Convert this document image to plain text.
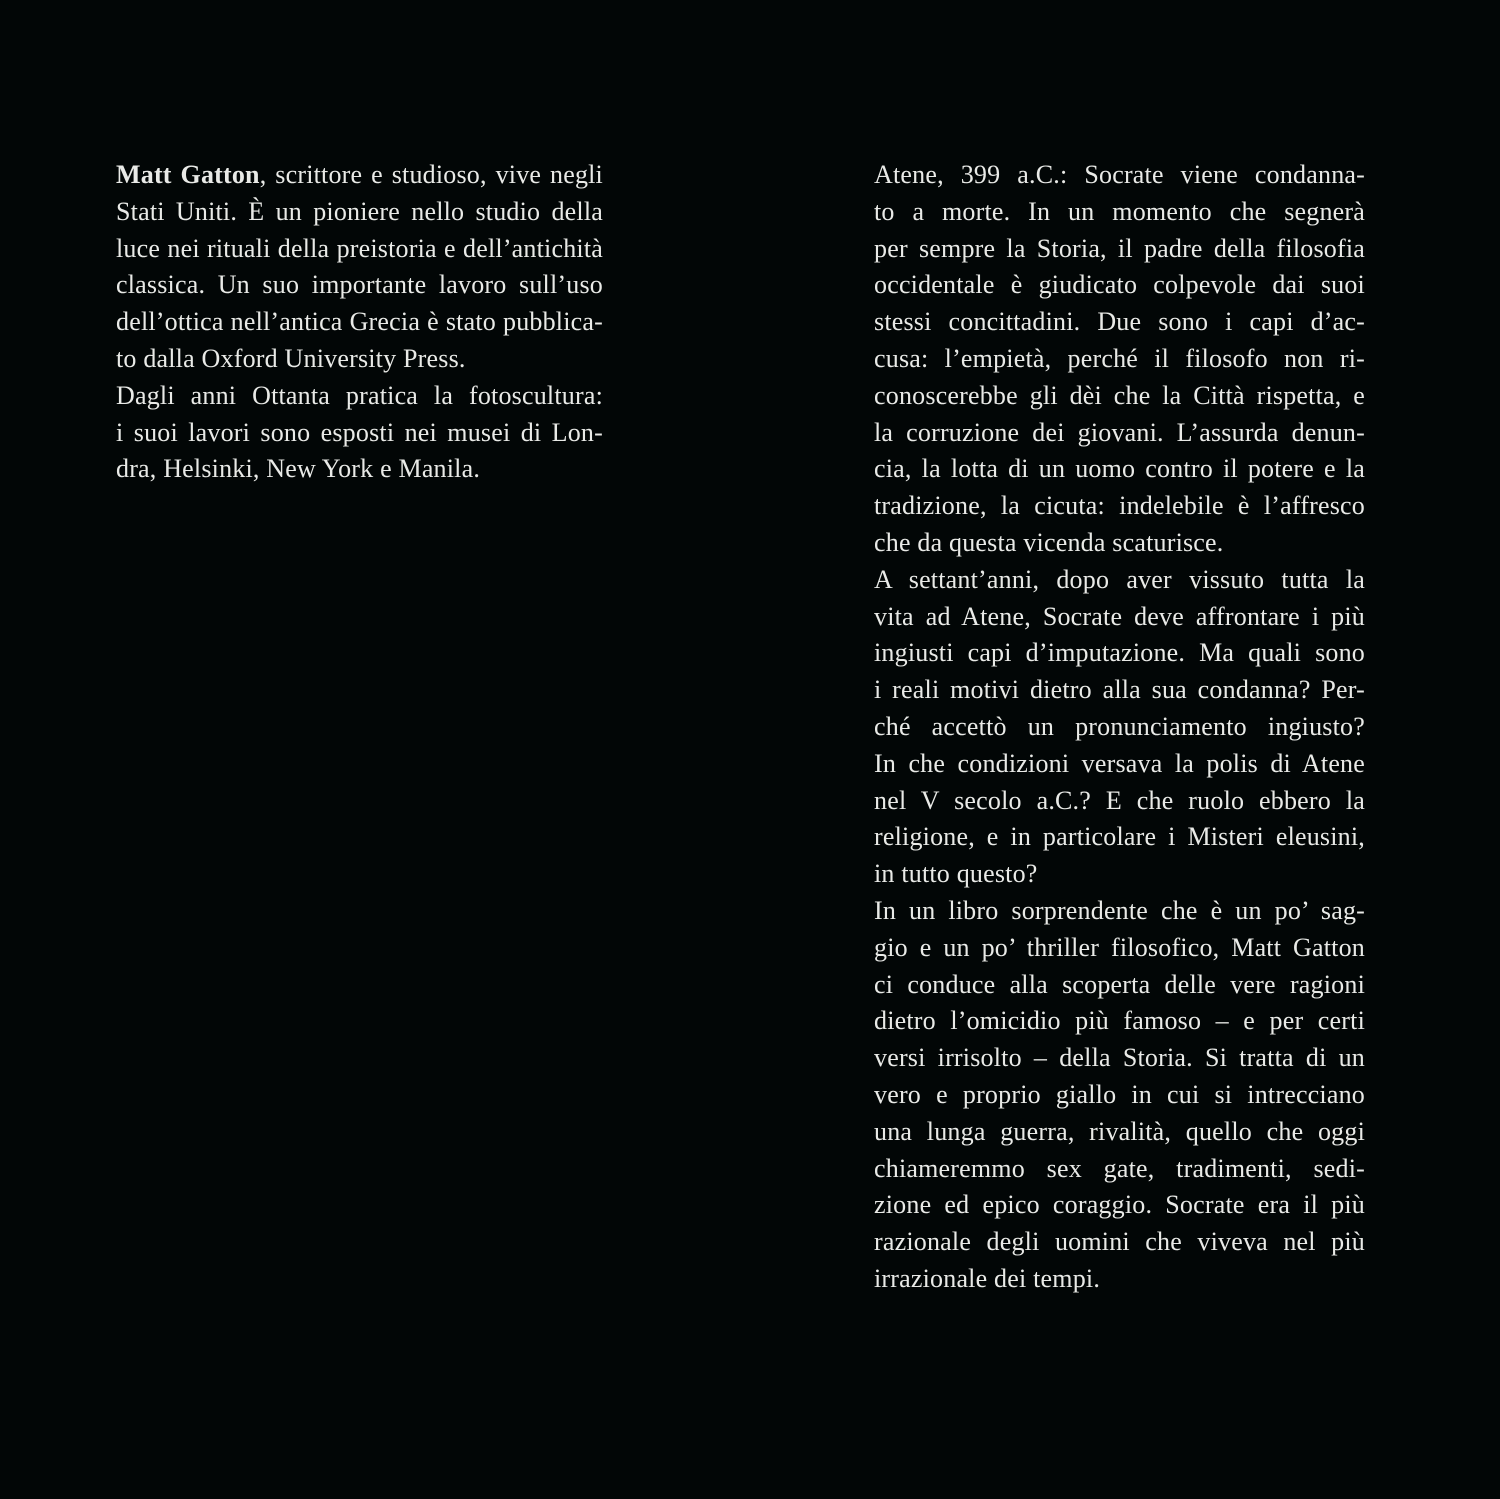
Matt Gatton, scrittore e studioso, vive negli
Stati Uniti. È un pioniere nello studio della
luce nei rituali della preistoria e dell’antichità
classica. Un suo importante lavoro sull’uso
dell’ottica nell’antica Grecia è stato pubblica-
to dalla Oxford University Press.
Dagli anni Ottanta pratica la fotoscultura:
i suoi lavori sono esposti nei musei di Lon-
dra, Helsinki, New York e Manila.
Atene, 399 a.C.: Socrate viene condanna-
to a morte. In un momento che segnerà
per sempre la Storia, il padre della filosofia
occidentale è giudicato colpevole dai suoi
stessi concittadini. Due sono i capi d’ac-
cusa: l’empietà, perché il filosofo non ri-
conoscerebbe gli dèi che la Città rispetta, e
la corruzione dei giovani. L’assurda denun-
cia, la lotta di un uomo contro il potere e la
tradizione, la cicuta: indelebile è l’affresco
che da questa vicenda scaturisce.
A settant’anni, dopo aver vissuto tutta la
vita ad Atene, Socrate deve affrontare i più
ingiusti capi d’imputazione. Ma quali sono
i reali motivi dietro alla sua condanna? Per-
ché accettò un pronunciamento ingiusto?
In che condizioni versava la polis di Atene
nel V secolo a.C.? E che ruolo ebbero la
religione, e in particolare i Misteri eleusini,
in tutto questo?
In un libro sorprendente che è un po’ sag-
gio e un po’ thriller filosofico, Matt Gatton
ci conduce alla scoperta delle vere ragioni
dietro l’omicidio più famoso – e per certi
versi irrisolto – della Storia. Si tratta di un
vero e proprio giallo in cui si intrecciano
una lunga guerra, rivalità, quello che oggi
chiameremmo sex gate, tradimenti, sedi-
zione ed epico coraggio. Socrate era il più
razionale degli uomini che viveva nel più
irrazionale dei tempi.
